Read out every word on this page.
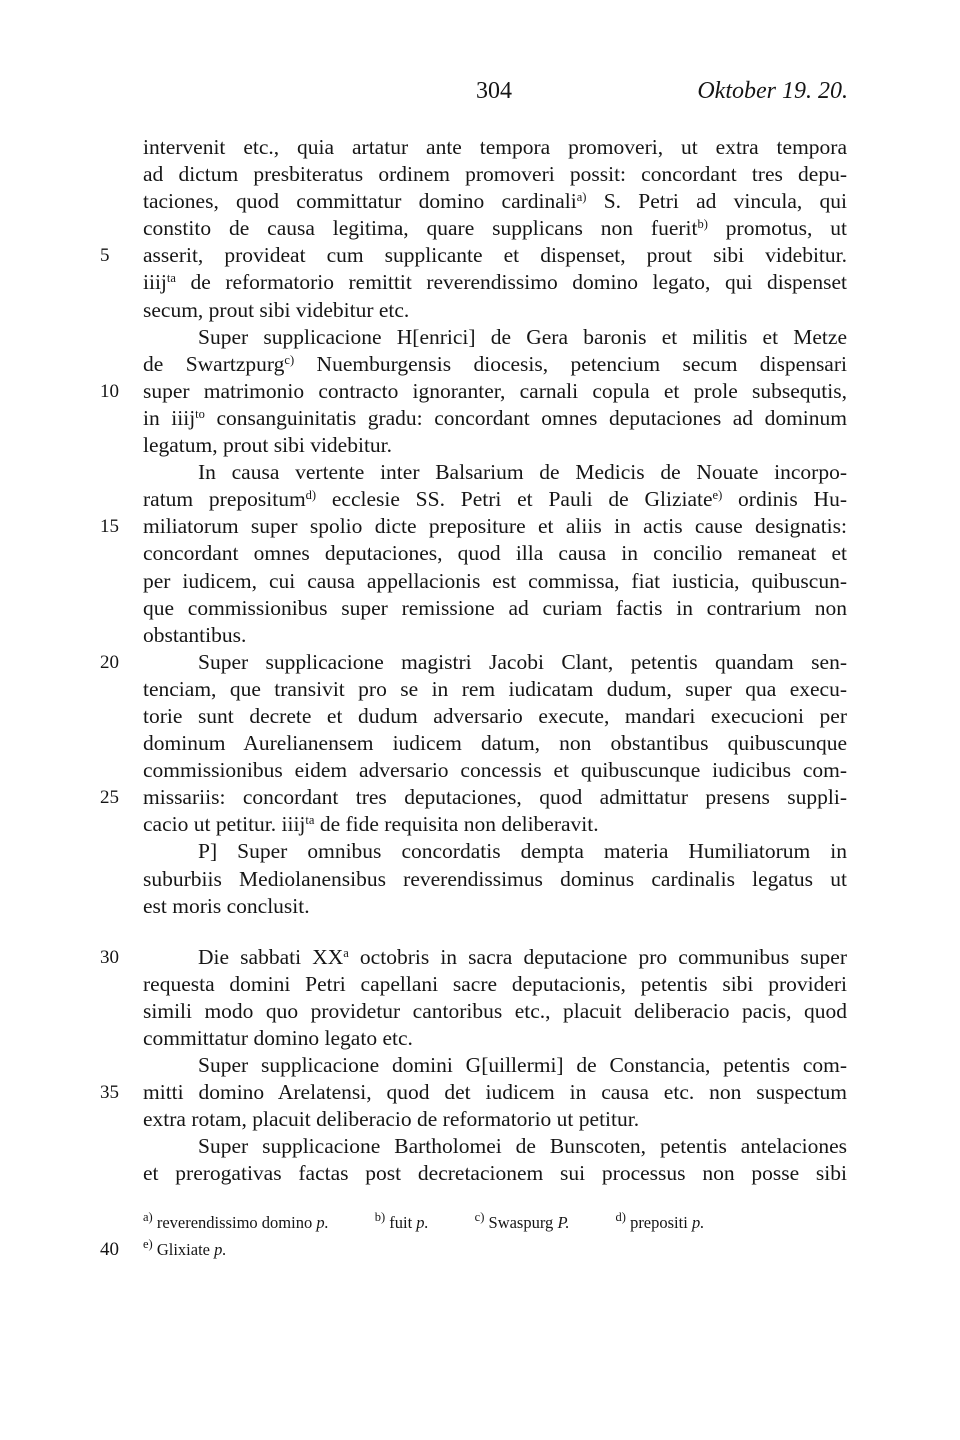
304	Oktober 19. 20.
intervenit etc., quia artatur ante tempora promoveri, ut extra tempora
ad dictum presbiteratus ordinem promoveri possit: concordant tres depu-
taciones, quod committatur domino cardinali$^{a)}$ S. Petri ad vincula, qui
constito de causa legitima, quare supplicans non fuerit$^{b)}$ promotus, ut
asserit, provideat cum supplicante et dispenset, prout sibi videbitur.
iiij$^{ta}$ de reformatorio remittit reverendissimo domino legato, qui dispenset
secum, prout sibi videbitur etc.
Super supplicacione H[enrici] de Gera baronis et militis et Metze
de Swartzpurg$^{c)}$ Nuemburgensis diocesis, petencium secum dispensari
super matrimonio contracto ignoranter, carnali copula et prole subsequtis,
in iiij$^{to}$ consanguinitatis gradu: concordant omnes deputaciones ad dominum
legatum, prout sibi videbitur.
In causa vertente inter Balsarium de Medicis de Nouate incorpo-
ratum prepositum$^{d)}$ ecclesie SS. Petri et Pauli de Gliziate$^{e)}$ ordinis Hu-
miliatorum super spolio dicte prepositure et aliis in actis cause designatis:
concordant omnes deputaciones, quod illa causa in concilio remaneat et
per iudicem, cui causa appellacionis est commissa, fiat iusticia, quibuscun-
que commissionibus super remissione ad curiam factis in contrarium non
obstantibus.
Super supplicacione magistri Jacobi Clant, petentis quandam sen-
tenciam, que transivit pro se in rem iudicatam dudum, super qua execu-
torie sunt decrete et dudum adversario execute, mandari execucioni per
dominum Aurelianensem iudicem datum, non obstantibus quibuscunque
commissionibus eidem adversario concessis et quibuscunque iudicibus com-
missariis: concordant tres deputaciones, quod admittatur presens suppli-
cacio ut petitur. iiij$^{ta}$ de fide requisita non deliberavit.
P] Super omnibus concordatis dempta materia Humiliatorum in
suburbiis Mediolanensibus reverendissimus dominus cardinalis legatus ut
est moris conclusit.
Die sabbati $XX^a$ octobris in sacra deputacione pro communibus super
requesta domini Petri capellani sacre deputacionis, petentis sibi provideri
simili modo quo providetur cantoribus etc., placuit deliberacio pacis, quod
committatur domino legato etc.
Super supplicacione domini G[uillermi] de Constancia, petentis com-
mitti domino Arelatensi, quod det iudicem in causa etc. non suspectum
extra rotam, placuit deliberacio de reformatorio ut petitur.
Super supplicacione Bartholomei de Bunscoten, petentis antelaciones
et prerogativas factas post decretacionem sui processus non posse sibi
5
10
15
20
25
30
35
$^{a)}$ reverendissimo domino p.	$^{b)}$ fuit p.	$^{c)}$ Swaspurg P.	$^{d)}$ prepositi p.
$^{e)}$ Glixiate p.
40
